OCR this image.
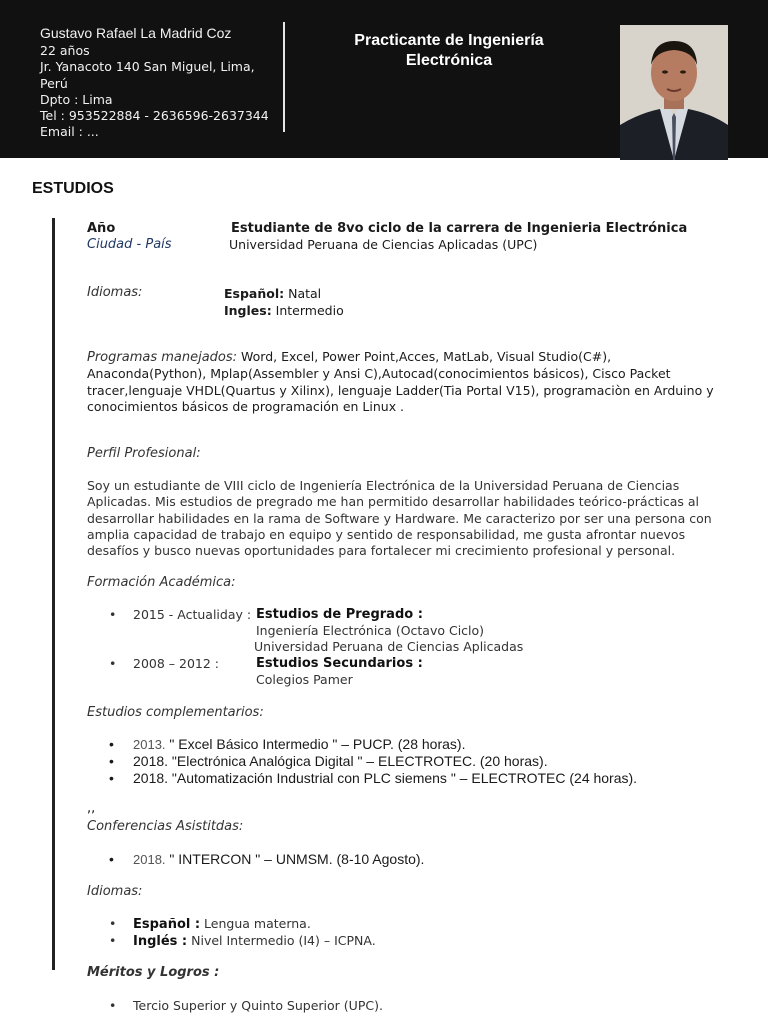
Gustavo Rafael La Madrid Coz
22 años
Jr. Yanacoto 140 San Miguel, Lima, Perú
Dpto : Lima
Tel : 953522884 - 2636596-2637344
Email : ...
Practicante de Ingeniería Electrónica
ESTUDIOS
Año	Estudiante de 8vo ciclo de la carrera de Ingenieria Electrónica
Ciudad - País	Universidad Peruana de Ciencias Aplicadas (UPC)
Idiomas:	Español: Natal
Ingles: Intermedio
Programas manejados: Word, Excel, Power Point,Acces, MatLab, Visual Studio(C#), Anaconda(Python), Mplap(Assembler y Ansi C),Autocad(conocimientos básicos), Cisco Packet tracer,lenguaje VHDL(Quartus y Xilinx), lenguaje Ladder(Tia Portal V15), programaciòn en Arduino y conocimientos básicos de programación en Linux .
Perfil Profesional:
Soy un estudiante de VIII ciclo de Ingeniería Electrónica de la Universidad Peruana de Ciencias Aplicadas. Mis estudios de pregrado me han permitido desarrollar habilidades teórico-prácticas al desarrollar habilidades en la rama de Software y Hardware. Me caracterizo por ser una persona con amplia capacidad de trabajo en equipo y sentido de responsabilidad, me gusta afrontar nuevos desafíos y busco nuevas oportunidades para fortalecer mi crecimiento profesional y personal.
Formación Académica:
• 2015 - Actualiday : Estudios de Pregrado :
Ingeniería Electrónica (Octavo Ciclo)
Universidad Peruana de Ciencias Aplicadas
• 2008 – 2012 :	Estudios Secundarios :
Colegios Pamer
Estudios complementarios:
• 2013. " Excel Básico Intermedio " – PUCP. (28 horas).
• 2018. "Electrónica Analógica Digital " – ELECTROTEC. (20 horas).
• 2018. "Automatización Industrial con PLC siemens " – ELECTROTEC (24 horas).
,,
Conferencias Asistitdas:
• 2018. " INTERCON " – UNMSM. (8-10 Agosto).
Idiomas:
• Español : Lengua materna.
• Inglés : Nivel Intermedio (I4) – ICPNA.
Méritos y Logros :
• Tercio Superior y Quinto Superior (UPC).
